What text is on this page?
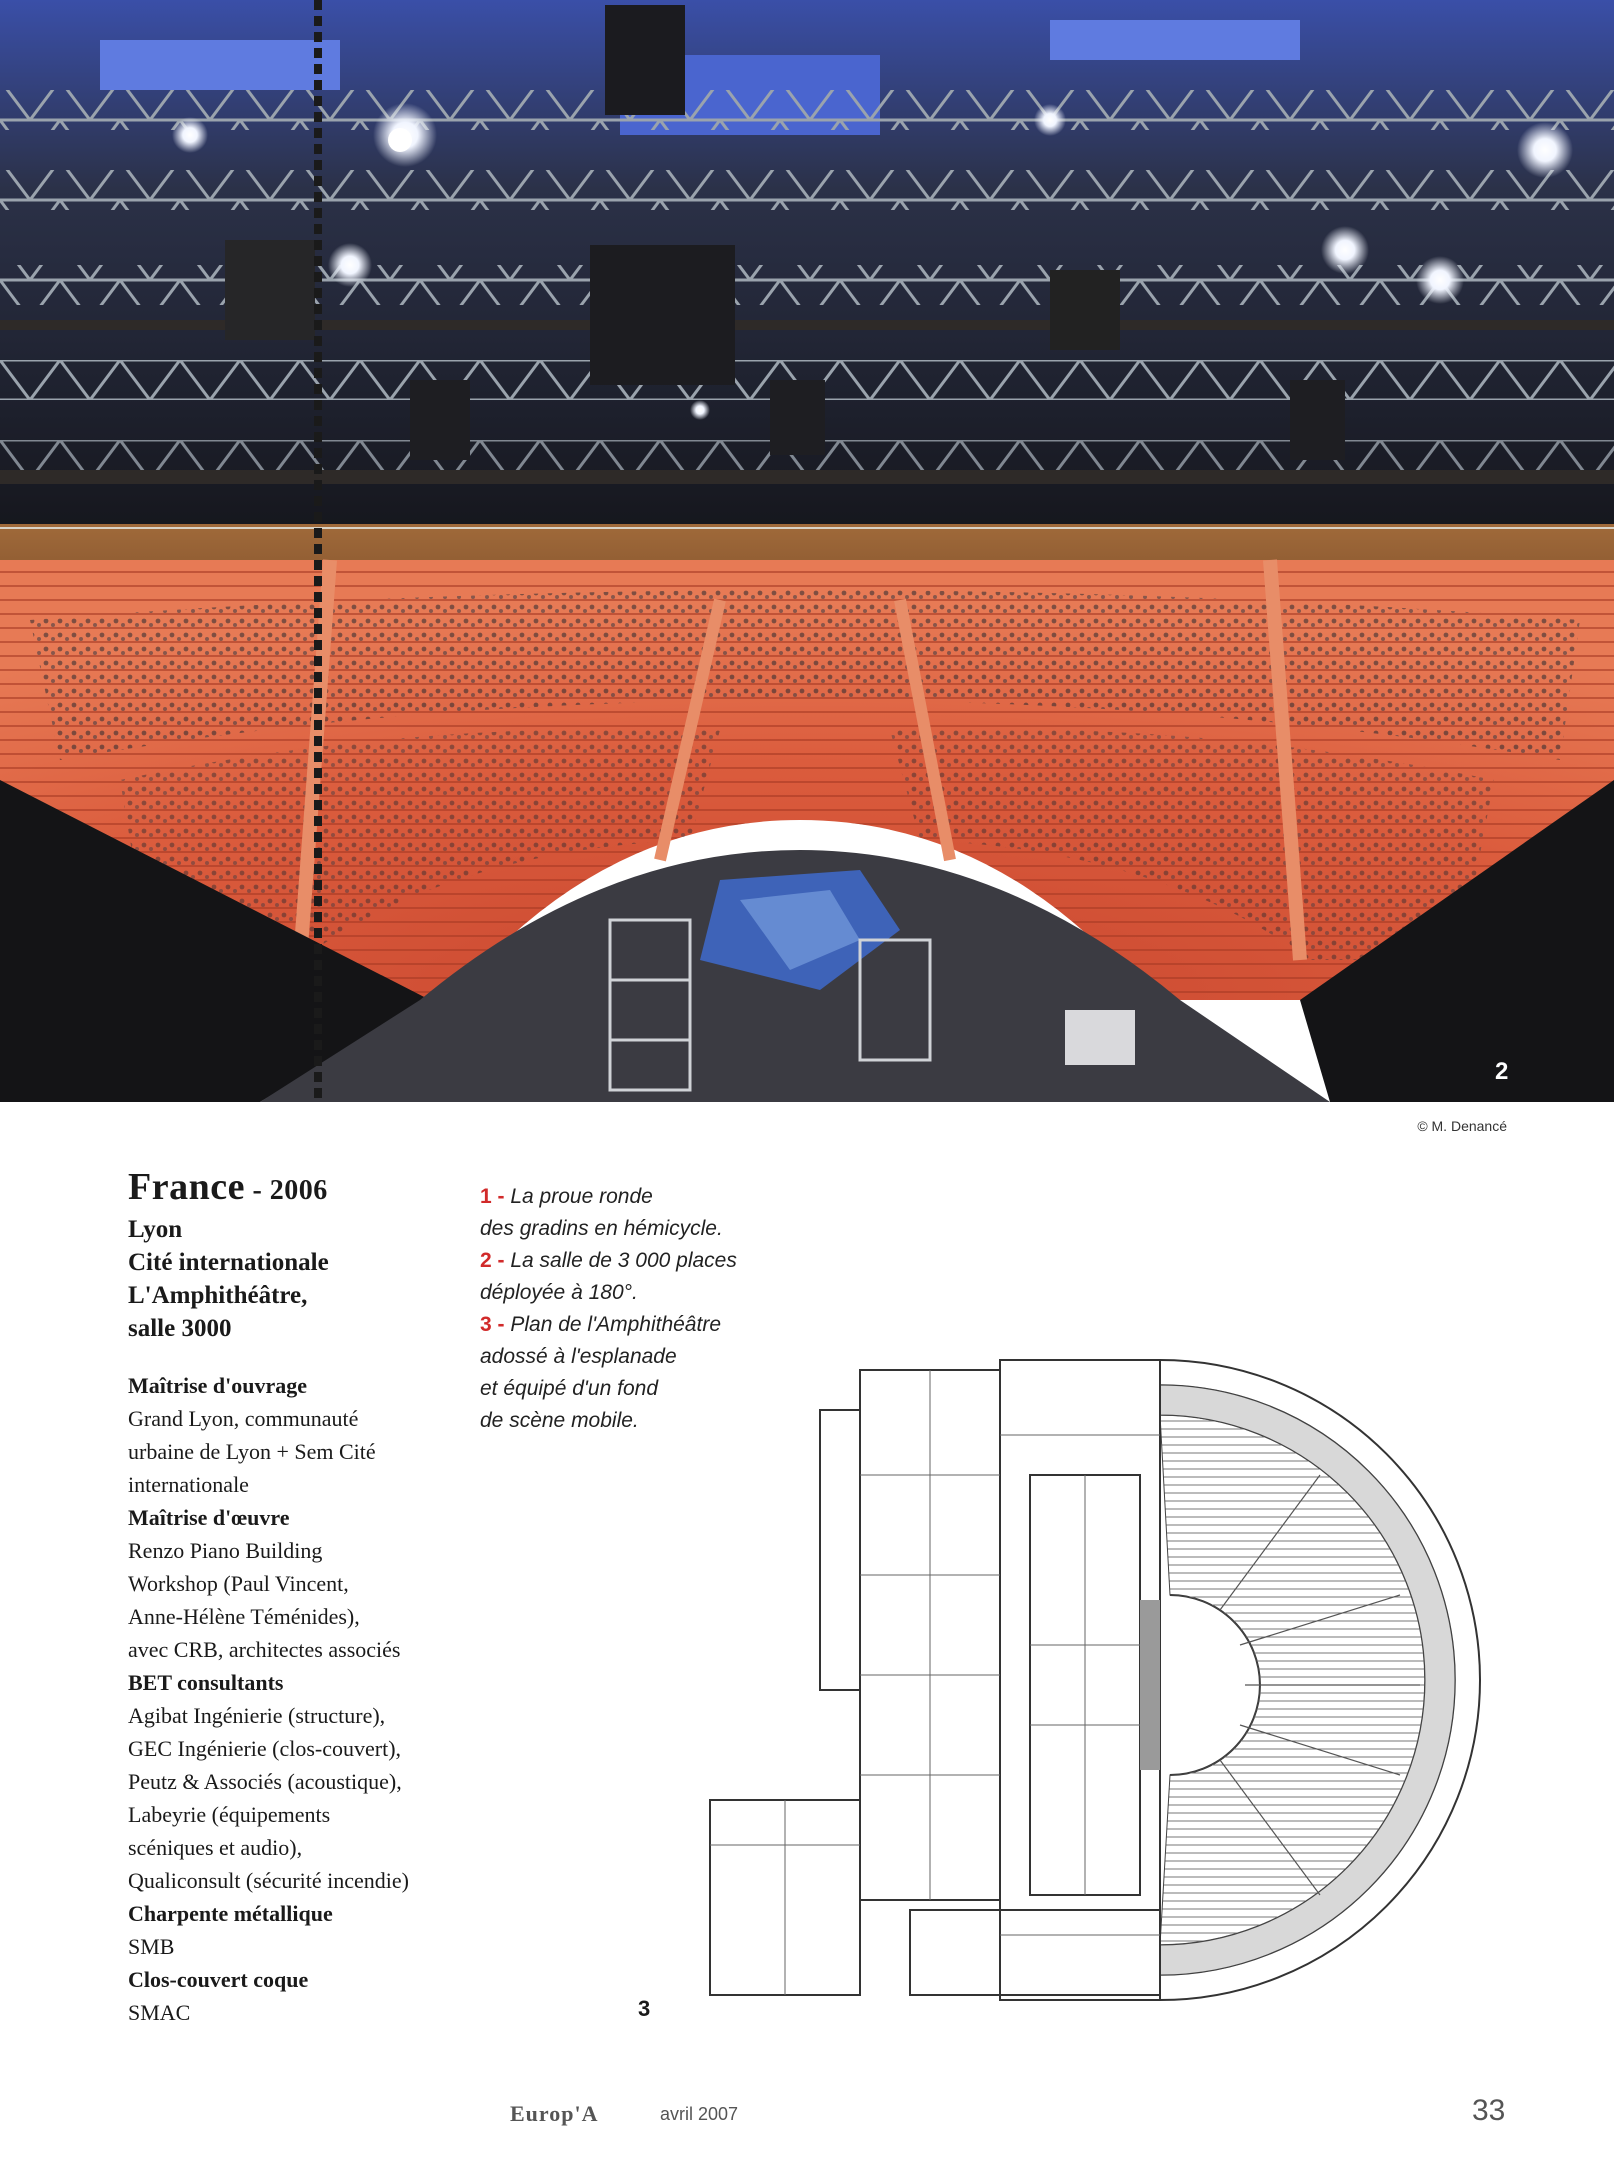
2
© M. Denancé
France - 2006
Lyon
Cité internationale
L'Amphithéâtre,
salle 3000
Maîtrise d'ouvrage
Grand Lyon, communauté
urbaine de Lyon + Sem Cité
internationale
Maîtrise d'œuvre
Renzo Piano Building
Workshop (Paul Vincent,
Anne-Hélène Téménides),
avec CRB, architectes associés
BET consultants
Agibat Ingénierie (structure),
GEC Ingénierie (clos-couvert),
Peutz & Associés (acoustique),
Labeyrie (équipements
scéniques et audio),
Qualiconsult (sécurité incendie)
Charpente métallique
SMB
Clos-couvert coque
SMAC
1 - La proue ronde
des gradins en hémicycle.
2 - La salle de 3 000 places
déployée à 180°.
3 - Plan de l'Amphithéâtre
adossé à l'esplanade
et équipé d'un fond
de scène mobile.
3
Europ'A	avril 2007	33
